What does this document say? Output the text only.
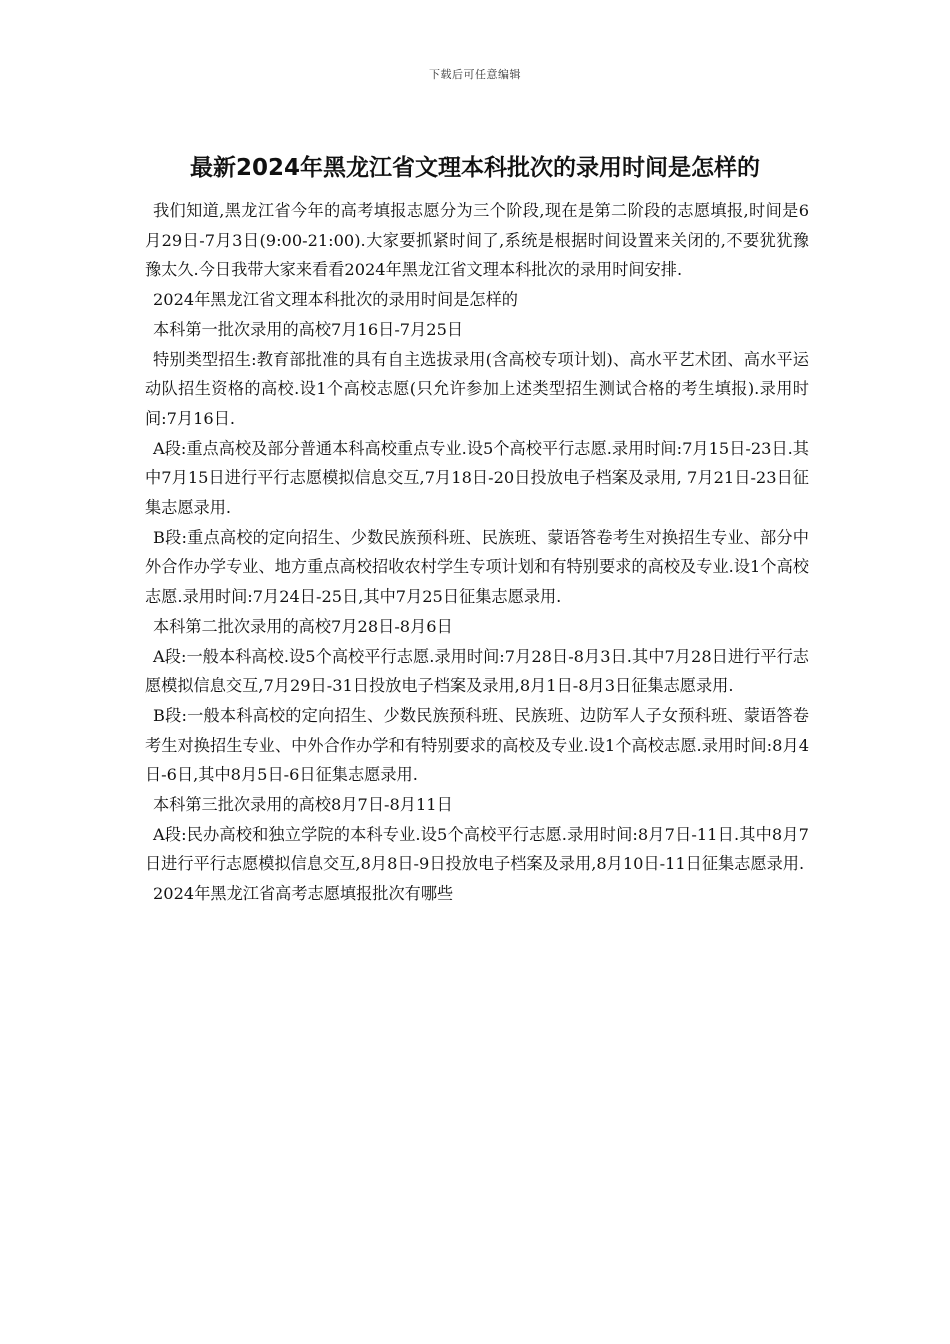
下载后可任意编辑
最新2024年黑龙江省文理本科批次的录用时间是怎样的

我们知道,黑龙江省今年的高考填报志愿分为三个阶段,现在是第二阶段的志愿填报,时间是6月29日-7月3日(9:00-21:00).大家要抓紧时间了,系统是根据时间设置来关闭的,不要犹犹豫豫太久.今日我带大家来看看2024年黑龙江省文理本科批次的录用时间安排.

2024年黑龙江省文理本科批次的录用时间是怎样的

本科第一批次录用的高校7月16日-7月25日

特别类型招生:教育部批准的具有自主选拔录用(含高校专项计划)、高水平艺术团、高水平运动队招生资格的高校.设1个高校志愿(只允许参加上述类型招生测试合格的考生填报).录用时间:7月16日.

A段:重点高校及部分普通本科高校重点专业.设5个高校平行志愿.录用时间:7月15日-23日.其中7月15日进行平行志愿模拟信息交互,7月18日-20日投放电子档案及录用, 7月21日-23日征集志愿录用.

B段:重点高校的定向招生、少数民族预科班、民族班、蒙语答卷考生对换招生专业、部分中外合作办学专业、地方重点高校招收农村学生专项计划和有特别要求的高校及专业.设1个高校志愿.录用时间:7月24日-25日,其中7月25日征集志愿录用.

本科第二批次录用的高校7月28日-8月6日

A段:一般本科高校.设5个高校平行志愿.录用时间:7月28日-8月3日.其中7月28日进行平行志愿模拟信息交互,7月29日-31日投放电子档案及录用,8月1日-8月3日征集志愿录用.

B段:一般本科高校的定向招生、少数民族预科班、民族班、边防军人子女预科班、蒙语答卷考生对换招生专业、中外合作办学和有特别要求的高校及专业.设1个高校志愿.录用时间:8月4日-6日,其中8月5日-6日征集志愿录用.

本科第三批次录用的高校8月7日-8月11日

A段:民办高校和独立学院的本科专业.设5个高校平行志愿.录用时间:8月7日-11日.其中8月7日进行平行志愿模拟信息交互,8月8日-9日投放电子档案及录用,8月10日-11日征集志愿录用.

2024年黑龙江省高考志愿填报批次有哪些
